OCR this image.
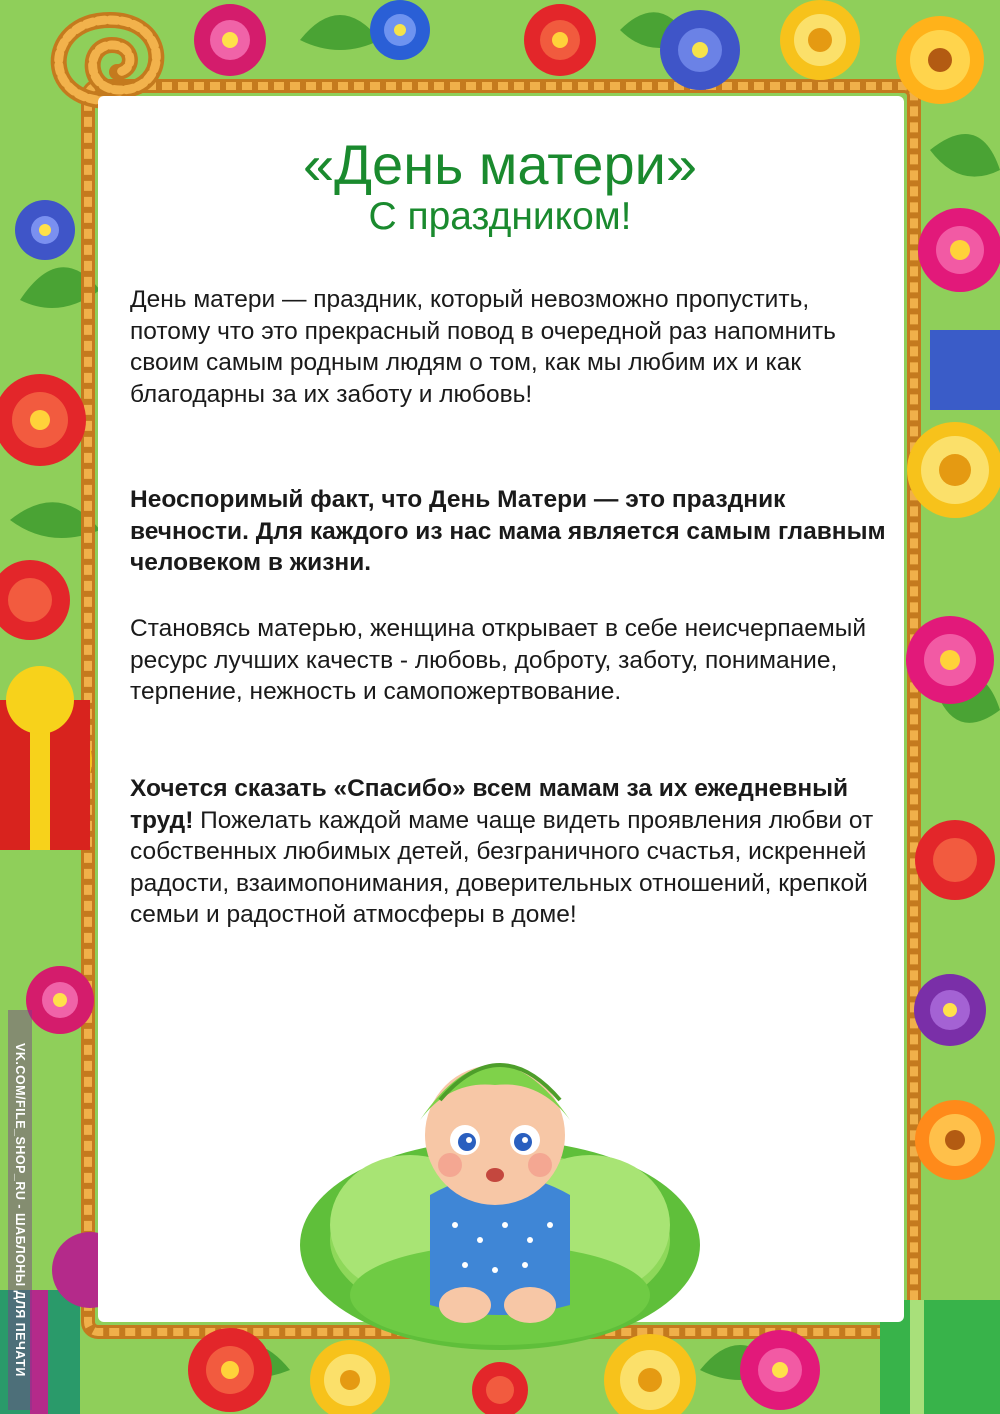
«День матери»
С праздником!

День матери — праздник, который невозможно пропустить, потому что это прекрасный повод в очередной раз напомнить своим самым родным людям о том, как мы любим их и как благодарны за их заботу и любовь!

Неоспоримый факт, что День Матери — это праздник вечности. Для каждого из нас мама является самым главным человеком в жизни.

Становясь матерью, женщина открывает в себе неисчерпаемый ресурс лучших качеств - любовь, доброту, заботу, понимание, терпение, нежность и самопожертвование.

Хочется сказать «Спасибо» всем мамам за их ежедневный труд! Пожелать каждой маме чаще видеть проявления любви от собственных любимых детей, безграничного счастья, искренней радости, взаимопонимания, доверительных отношений, крепкой семьи и радостной атмосферы в доме!

VK.COM/FILE_SHOP_RU - ШАБЛОНЫ ДЛЯ ПЕЧАТИ
